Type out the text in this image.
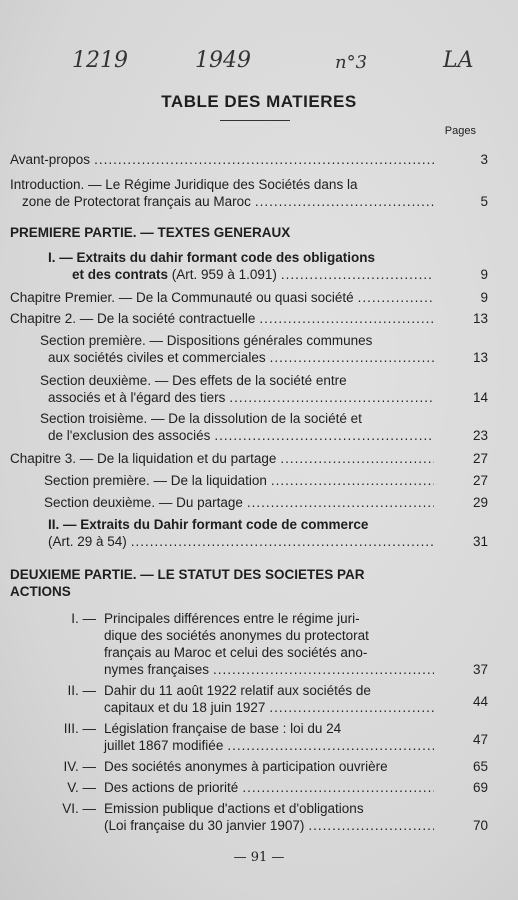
1219	1949	n°3	LA
TABLE DES MATIERES
Pages
Avant-propos .....	3
Introduction. — Le Régime Juridique des Sociétés dans la
zone de Protectorat français au Maroc .....	5
PREMIERE PARTIE. — TEXTES GENERAUX
I. — Extraits du dahir formant code des obligations
et des contrats (Art. 959 à 1.091) .....	9
Chapitre Premier. — De la Communauté ou quasi société .....	9
Chapitre 2. — De la société contractuelle .....	13
Section première. — Dispositions générales communes
aux sociétés civiles et commerciales .....	13
Section deuxième. — Des effets de la société entre
associés et à l'égard des tiers .....	14
Section troisième. — De la dissolution de la société et
de l'exclusion des associés .....	23
Chapitre 3. — De la liquidation et du partage .....	27
Section première. — De la liquidation .....	27
Section deuxième. — Du partage .....	29
II. — Extraits du Dahir formant code de commerce
(Art. 29 à 54) .....	31
DEUXIEME PARTIE. — LE STATUT DES SOCIETES PAR
ACTIONS
I. — Principales différences entre le régime juri-
dique des sociétés anonymes du protectorat
français au Maroc et celui des sociétés ano-
nymes françaises .....	37
II. — Dahir du 11 août 1922 relatif aux sociétés de
capitaux et du 18 juin 1927 .....	44
III. — Législation française de base : loi du 24
juillet 1867 modifiée .....	47
IV. — Des sociétés anonymes à participation ouvrière	65
V. — Des actions de priorité .....	69
VI. — Emission publique d'actions et d'obligations
(Loi française du 30 janvier 1907) .....	70
— 91 —
